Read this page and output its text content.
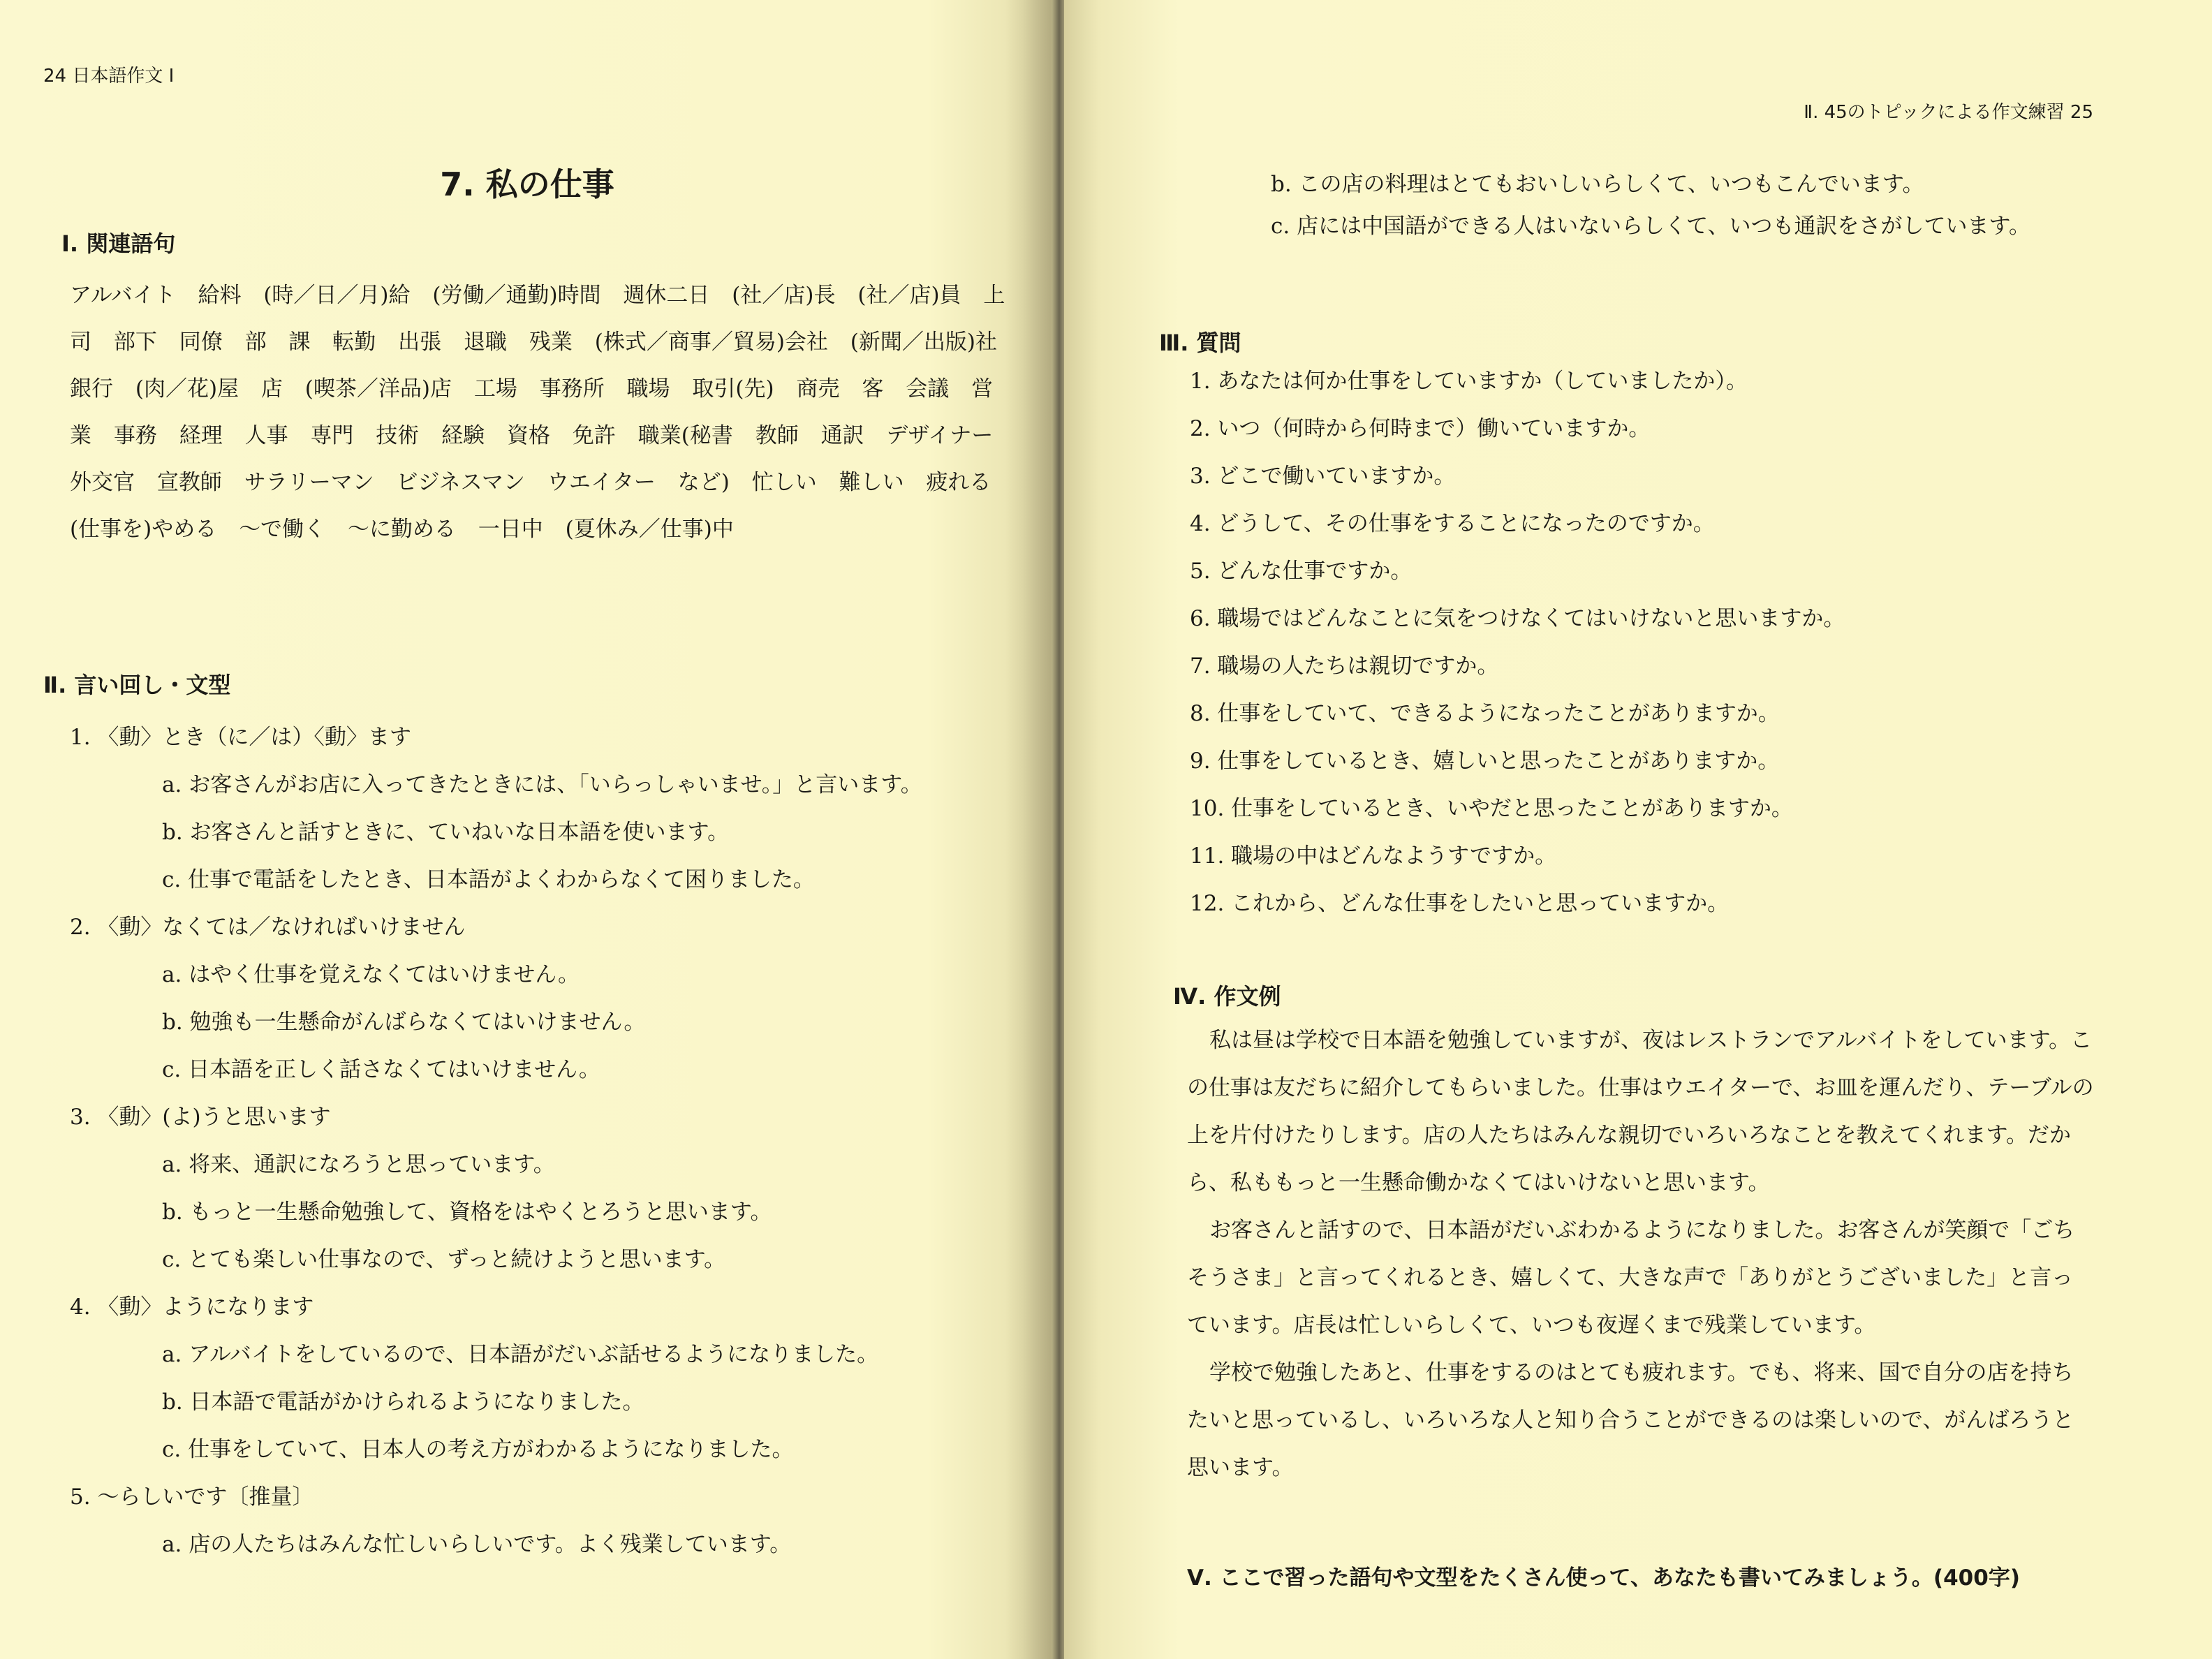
24 日本語作文 Ⅰ
7. 私の仕事
Ⅰ. 関連語句
アルバイト 給料 (時／日／月)給 (労働／通勤)時間 週休二日 (社／店)長 (社／店)員 上司 部下 同僚 部 課 転勤 出張 退職 残業 (株式／商事／貿易)会社 (新聞／出版)社 銀行 (肉／花)屋 店 (喫茶／洋品)店 工場 事務所 職場 取引(先) 商売 客 会議 営業 事務 経理 人事 専門 技術 経験 資格 免許 職業(秘書 教師 通訳 デザイナー 外交官 宣教師 サラリーマン ビジネスマン ウエイター など) 忙しい 難しい 疲れる (仕事を)やめる 〜で働く 〜に勤める 一日中 (夏休み／仕事)中
Ⅱ. 言い回し・文型
1. 〈動〉とき（に／は）〈動〉ます
a. お客さんがお店に入ってきたときには、「いらっしゃいませ。」と言います。
b. お客さんと話すときに、ていねいな日本語を使います。
c. 仕事で電話をしたとき、日本語がよくわからなくて困りました。
2. 〈動〉なくては／なければいけません
a. はやく仕事を覚えなくてはいけません。
b. 勉強も一生懸命がんばらなくてはいけません。
c. 日本語を正しく話さなくてはいけません。
3. 〈動〉(よ)うと思います
a. 将来、通訳になろうと思っています。
b. もっと一生懸命勉強して、資格をはやくとろうと思います。
c. とても楽しい仕事なので、ずっと続けようと思います。
4. 〈動〉ようになります
a. アルバイトをしているので、日本語がだいぶ話せるようになりました。
b. 日本語で電話がかけられるようになりました。
c. 仕事をしていて、日本人の考え方がわかるようになりました。
5. 〜らしいです〔推量〕
a. 店の人たちはみんな忙しいらしいです。よく残業しています。
Ⅱ. 45のトピックによる作文練習 25
b. この店の料理はとてもおいしいらしくて、いつもこんでいます。
c. 店には中国語ができる人はいないらしくて、いつも通訳をさがしています。
Ⅲ. 質問
1. あなたは何か仕事をしていますか（していましたか）。
2. いつ（何時から何時まで）働いていますか。
3. どこで働いていますか。
4. どうして、その仕事をすることになったのですか。
5. どんな仕事ですか。
6. 職場ではどんなことに気をつけなくてはいけないと思いますか。
7. 職場の人たちは親切ですか。
8. 仕事をしていて、できるようになったことがありますか。
9. 仕事をしているとき、嬉しいと思ったことがありますか。
10. 仕事をしているとき、いやだと思ったことがありますか。
11. 職場の中はどんなようすですか。
12. これから、どんな仕事をしたいと思っていますか。
Ⅳ. 作文例

私は昼は学校で日本語を勉強していますが、夜はレストランでアルバイトをしています。この仕事は友だちに紹介してもらいました。仕事はウエイターで、お皿を運んだり、テーブルの上を片付けたりします。店の人たちはみんな親切でいろいろなことを教えてくれます。だから、私ももっと一生懸命働かなくてはいけないと思います。

お客さんと話すので、日本語がだいぶわかるようになりました。お客さんが笑顔で「ごちそうさま」と言ってくれるとき、嬉しくて、大きな声で「ありがとうございました」と言っています。店長は忙しいらしくて、いつも夜遅くまで残業しています。

学校で勉強したあと、仕事をするのはとても疲れます。でも、将来、国で自分の店を持ちたいと思っているし、いろいろな人と知り合うことができるのは楽しいので、がんばろうと思います。

Ⅴ. ここで習った語句や文型をたくさん使って、あなたも書いてみましょう。(400字)
